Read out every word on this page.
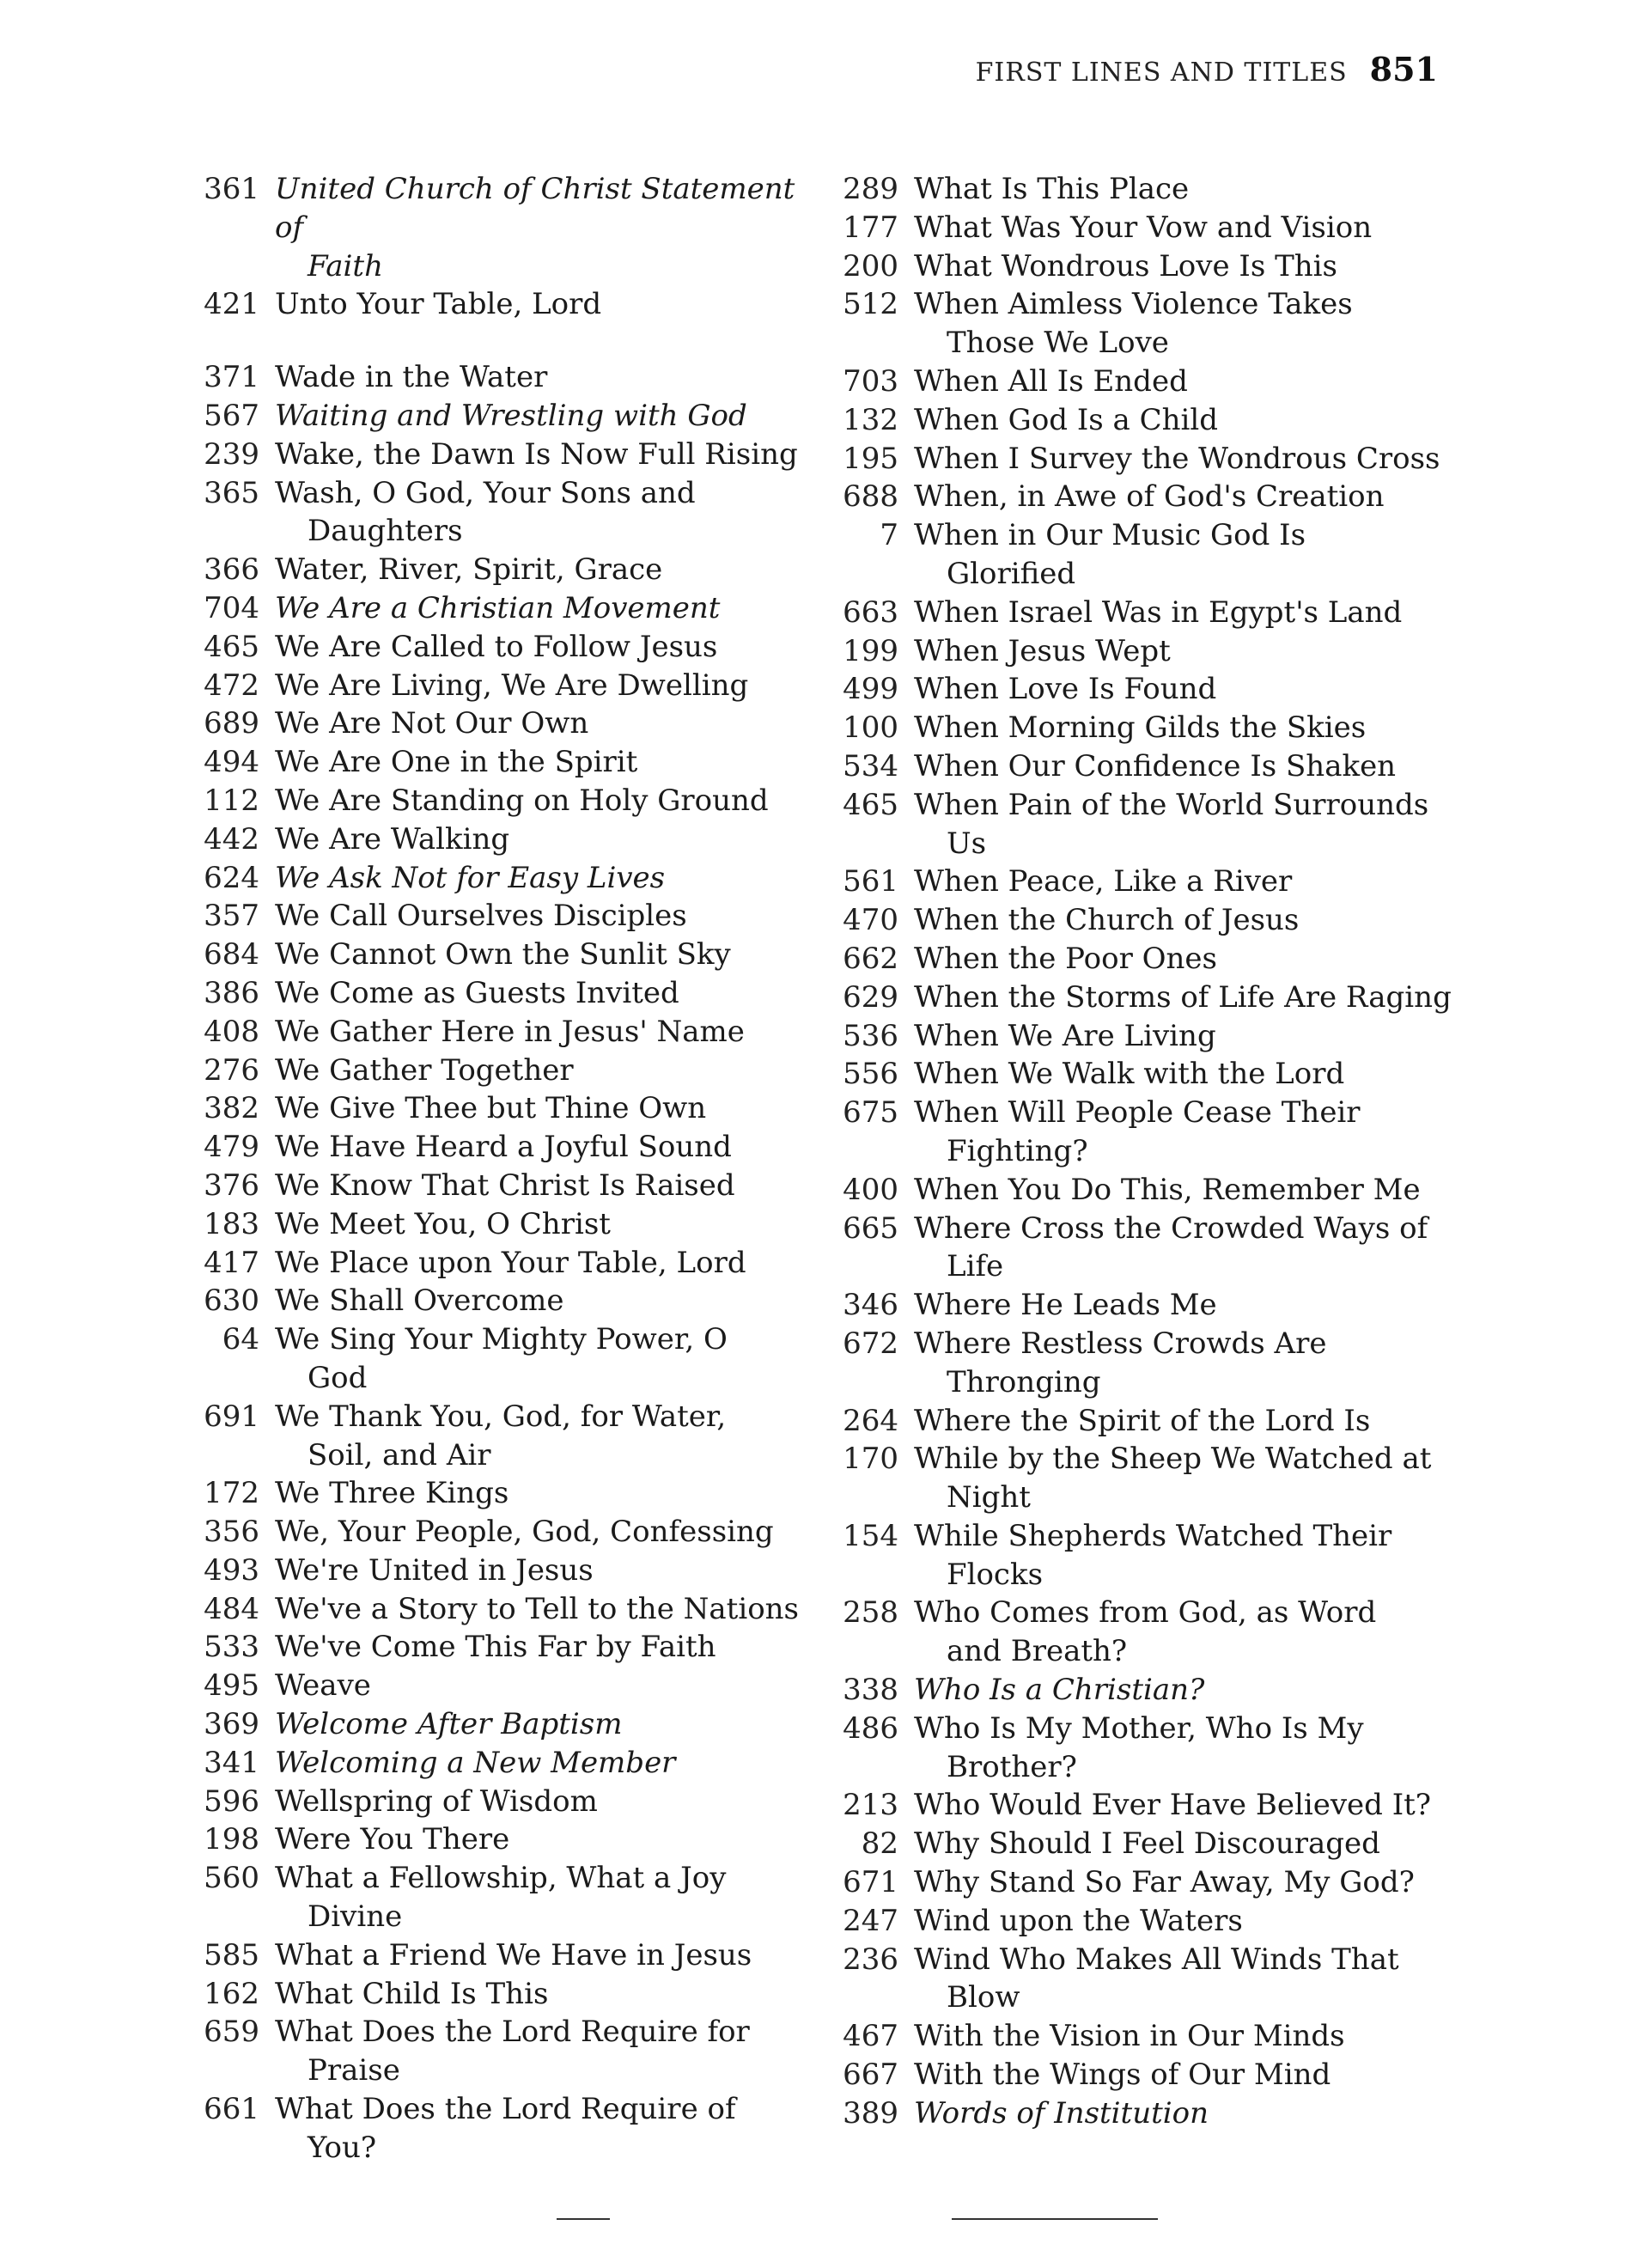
FIRST LINES AND TITLES 851
361 United Church of Christ Statement of
Faith
421 Unto Your Table, Lord
371 Wade in the Water
567 Waiting and Wrestling with God
239 Wake, the Dawn Is Now Full Rising
365 Wash, O God, Your Sons and
Daughters
366 Water, River, Spirit, Grace
704 We Are a Christian Movement
465 We Are Called to Follow Jesus
472 We Are Living, We Are Dwelling
689 We Are Not Our Own
494 We Are One in the Spirit
112 We Are Standing on Holy Ground
442 We Are Walking
624 We Ask Not for Easy Lives
357 We Call Ourselves Disciples
684 We Cannot Own the Sunlit Sky
386 We Come as Guests Invited
408 We Gather Here in Jesus' Name
276 We Gather Together
382 We Give Thee but Thine Own
479 We Have Heard a Joyful Sound
376 We Know That Christ Is Raised
183 We Meet You, O Christ
417 We Place upon Your Table, Lord
630 We Shall Overcome
64 We Sing Your Mighty Power, O
God
691 We Thank You, God, for Water,
Soil, and Air
172 We Three Kings
356 We, Your People, God, Confessing
493 We're United in Jesus
484 We've a Story to Tell to the Nations
533 We've Come This Far by Faith
495 Weave
369 Welcome After Baptism
341 Welcoming a New Member
596 Wellspring of Wisdom
198 Were You There
560 What a Fellowship, What a Joy
Divine
585 What a Friend We Have in Jesus
162 What Child Is This
659 What Does the Lord Require for
Praise
661 What Does the Lord Require of
You?
289 What Is This Place
177 What Was Your Vow and Vision
200 What Wondrous Love Is This
512 When Aimless Violence Takes
Those We Love
703 When All Is Ended
132 When God Is a Child
195 When I Survey the Wondrous Cross
688 When, in Awe of God's Creation
7 When in Our Music God Is
Glorified
663 When Israel Was in Egypt's Land
199 When Jesus Wept
499 When Love Is Found
100 When Morning Gilds the Skies
534 When Our Confidence Is Shaken
465 When Pain of the World Surrounds
Us
561 When Peace, Like a River
470 When the Church of Jesus
662 When the Poor Ones
629 When the Storms of Life Are Raging
536 When We Are Living
556 When We Walk with the Lord
675 When Will People Cease Their
Fighting?
400 When You Do This, Remember Me
665 Where Cross the Crowded Ways of
Life
346 Where He Leads Me
672 Where Restless Crowds Are
Thronging
264 Where the Spirit of the Lord Is
170 While by the Sheep We Watched at
Night
154 While Shepherds Watched Their
Flocks
258 Who Comes from God, as Word
and Breath?
338 Who Is a Christian?
486 Who Is My Mother, Who Is My
Brother?
213 Who Would Ever Have Believed It?
82 Why Should I Feel Discouraged
671 Why Stand So Far Away, My God?
247 Wind upon the Waters
236 Wind Who Makes All Winds That
Blow
467 With the Vision in Our Minds
667 With the Wings of Our Mind
389 Words of Institution
